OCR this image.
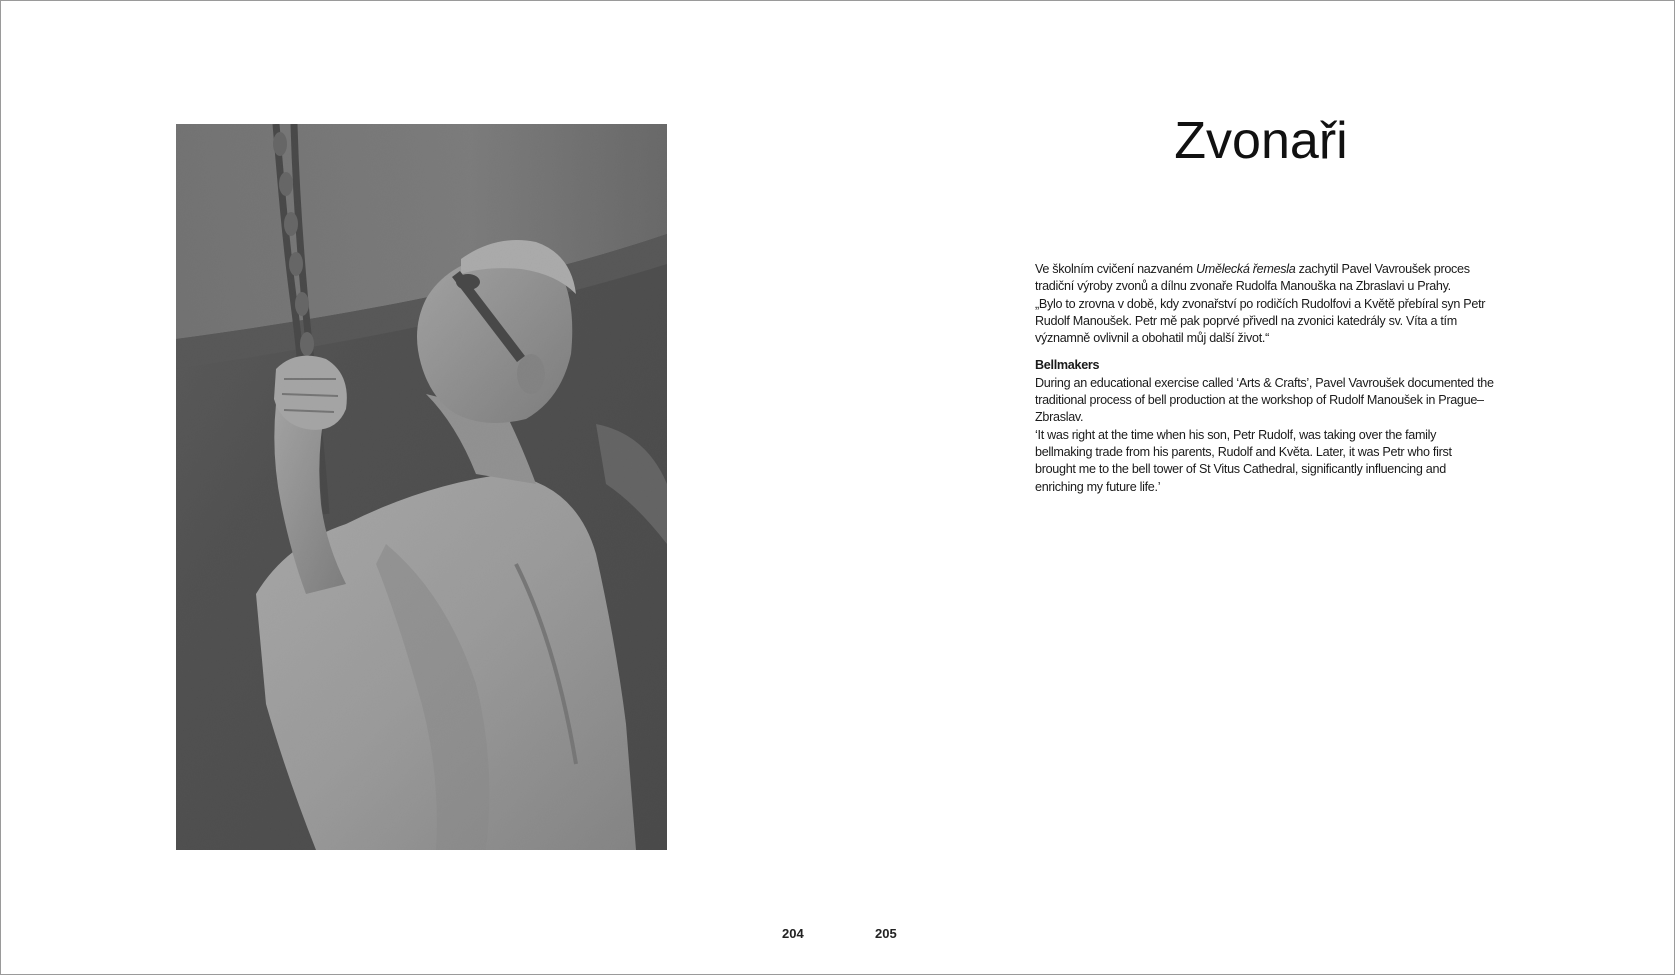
Zvonaři

Ve školním cvičení nazvaném Umělecká řemesla zachytil Pavel Vavroušek proces tradiční výroby zvonů a dílnu zvonaře Rudolfa Manouška na Zbraslavi u Prahy.

„Bylo to zrovna v době, kdy zvonařství po rodičích Rudolfovi a Květě přebíral syn Petr Rudolf Manoušek. Petr mě pak poprvé přivedl na zvonici katedrály sv. Víta a tím významně ovlivnil a obohatil můj další život.“

Bellmakers

During an educational exercise called ‘Arts & Crafts’, Pavel Vavroušek documented the traditional process of bell production at the workshop of Rudolf Manoušek in Prague–Zbraslav.

‘It was right at the time when his son, Petr Rudolf, was taking over the family bellmaking trade from his parents, Rudolf and Květa. Later, it was Petr who first brought me to the bell tower of St Vitus Cathedral, significantly influencing and enriching my future life.’

204	205
